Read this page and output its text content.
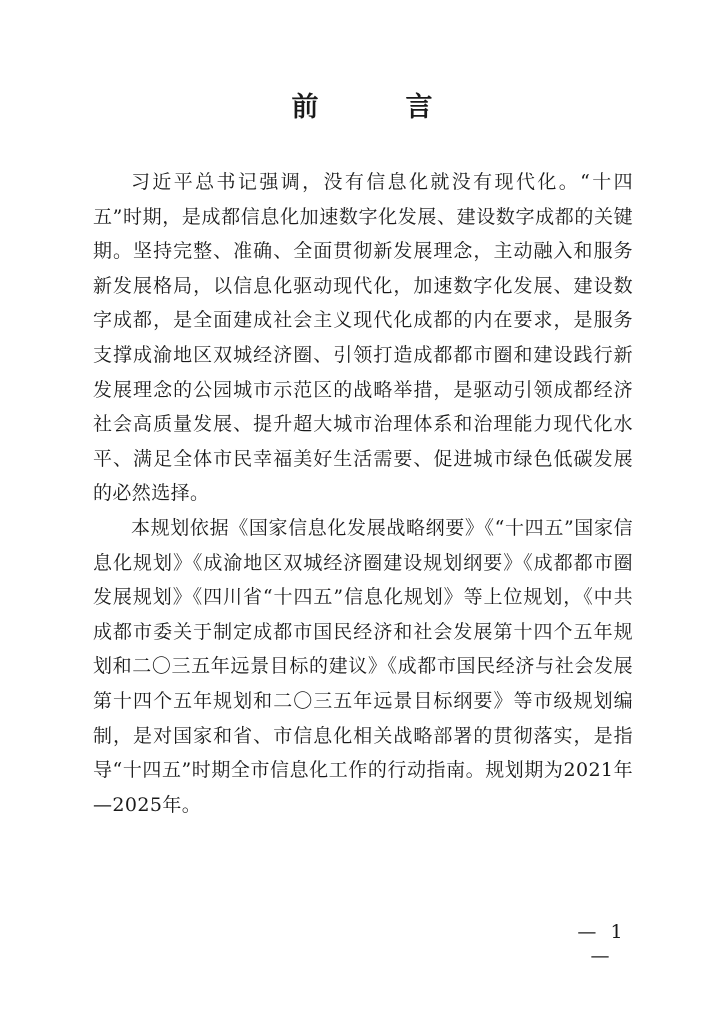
前　言

习近平总书记强调，没有信息化就没有现代化。“十四五”时期，是成都信息化加速数字化发展、建设数字成都的关键期。坚持完整、准确、全面贯彻新发展理念，主动融入和服务新发展格局，以信息化驱动现代化，加速数字化发展、建设数字成都，是全面建成社会主义现代化成都的内在要求，是服务支撑成渝地区双城经济圈、引领打造成都都市圈和建设践行新发展理念的公园城市示范区的战略举措，是驱动引领成都经济社会高质量发展、提升超大城市治理体系和治理能力现代化水平、满足全体市民幸福美好生活需要、促进城市绿色低碳发展的必然选择。

本规划依据《国家信息化发展战略纲要》《“十四五”国家信息化规划》《成渝地区双城经济圈建设规划纲要》《成都都市圈发展规划》《四川省“十四五”信息化规划》等上位规划，《中共成都市委关于制定成都市国民经济和社会发展第十四个五年规划和二〇三五年远景目标的建议》《成都市国民经济与社会发展第十四个五年规划和二〇三五年远景目标纲要》等市级规划编制，是对国家和省、市信息化相关战略部署的贯彻落实，是指导“十四五”时期全市信息化工作的行动指南。规划期为2021年—2025年。

— 1 —
